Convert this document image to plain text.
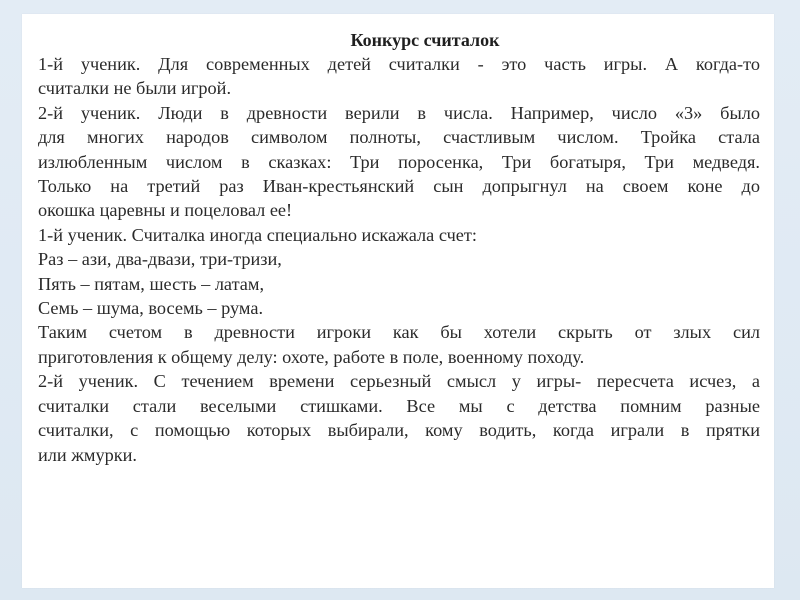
Конкурс считалок
1-й ученик. Для современных детей считалки - это часть игры. А когда-то
считалки не были игрой.
2-й ученик. Люди в древности верили в числа. Например, число «3» было
для многих народов символом полноты, счастливым числом. Тройка стала
излюбленным числом в сказках: Три поросенка, Три богатыря, Три медведя.
Только на третий раз Иван-крестьянский сын допрыгнул на своем коне до
окошка царевны и поцеловал ее!
1-й ученик. Считалка иногда специально искажала счет:
Раз – ази, два-двази, три-тризи,
Пять – пятам, шесть – латам,
Семь – шума, восемь – рума.
Таким счетом в древности игроки как бы хотели скрыть от злых сил
приготовления к общему делу: охоте, работе в поле, военному походу.
2-й ученик. С течением времени серьезный смысл у игры- пересчета исчез, а
считалки стали веселыми стишками. Все мы с детства помним разные
считалки, с помощью которых выбирали, кому водить, когда играли в прятки
или жмурки.
